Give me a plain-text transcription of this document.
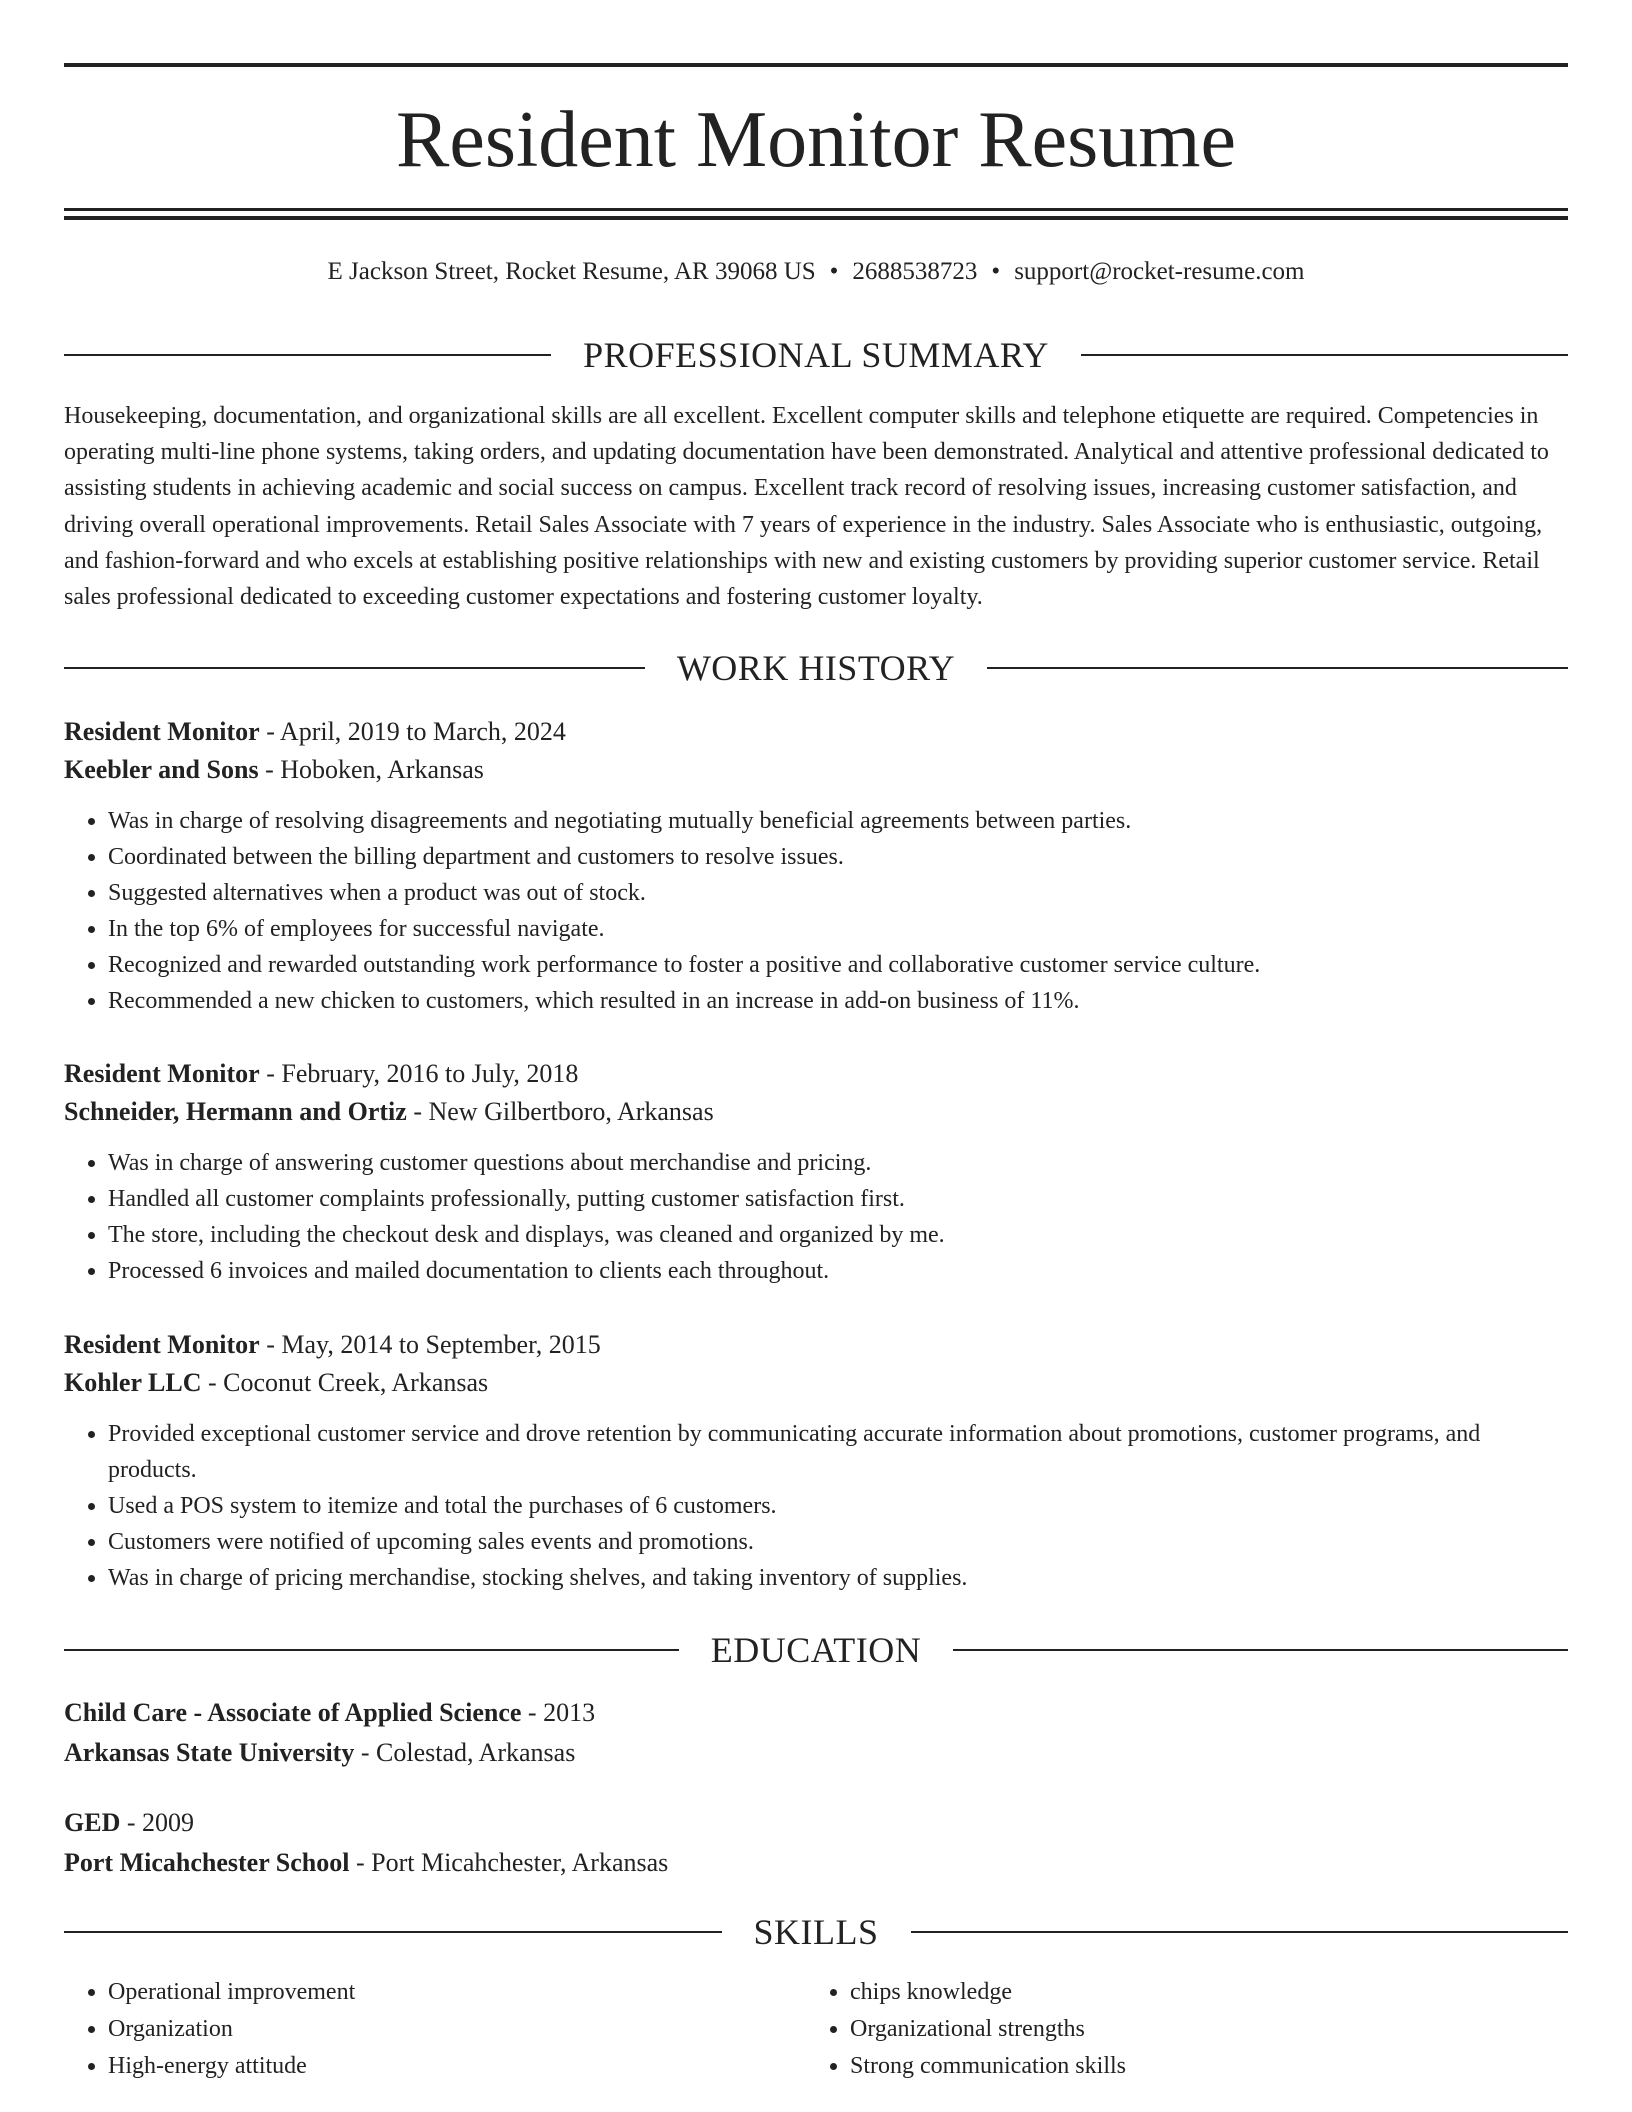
Resident Monitor Resume
E Jackson Street, Rocket Resume, AR 39068 US • 2688538723 • support@rocket-resume.com
PROFESSIONAL SUMMARY

Housekeeping, documentation, and organizational skills are all excellent. Excellent computer skills and telephone etiquette are required. Competencies in operating multi-line phone systems, taking orders, and updating documentation have been demonstrated. Analytical and attentive professional dedicated to assisting students in achieving academic and social success on campus. Excellent track record of resolving issues, increasing customer satisfaction, and driving overall operational improvements. Retail Sales Associate with 7 years of experience in the industry. Sales Associate who is enthusiastic, outgoing, and fashion-forward and who excels at establishing positive relationships with new and existing customers by providing superior customer service. Retail sales professional dedicated to exceeding customer expectations and fostering customer loyalty.

WORK HISTORY

Resident Monitor - April, 2019 to March, 2024

Keebler and Sons - Hoboken, Arkansas

• Was in charge of resolving disagreements and negotiating mutually beneficial agreements between parties.
• Coordinated between the billing department and customers to resolve issues.
• Suggested alternatives when a product was out of stock.
• In the top 6% of employees for successful navigate.
• Recognized and rewarded outstanding work performance to foster a positive and collaborative customer service culture.
• Recommended a new chicken to customers, which resulted in an increase in add-on business of 11%.

Resident Monitor - February, 2016 to July, 2018

Schneider, Hermann and Ortiz - New Gilbertboro, Arkansas

• Was in charge of answering customer questions about merchandise and pricing.
• Handled all customer complaints professionally, putting customer satisfaction first.
• The store, including the checkout desk and displays, was cleaned and organized by me.
• Processed 6 invoices and mailed documentation to clients each throughout.

Resident Monitor - May, 2014 to September, 2015

Kohler LLC - Coconut Creek, Arkansas

• Provided exceptional customer service and drove retention by communicating accurate information about promotions, customer programs, and products.
• Used a POS system to itemize and total the purchases of 6 customers.
• Customers were notified of upcoming sales events and promotions.
• Was in charge of pricing merchandise, stocking shelves, and taking inventory of supplies.
EDUCATION

Child Care - Associate of Applied Science - 2013

Arkansas State University - Colestad, Arkansas

GED - 2009

Port Micahchester School - Port Micahchester, Arkansas

SKILLS
• Operational improvement
• Organization
• High-energy attitude
• chips knowledge
• Organizational strengths
• Strong communication skills
